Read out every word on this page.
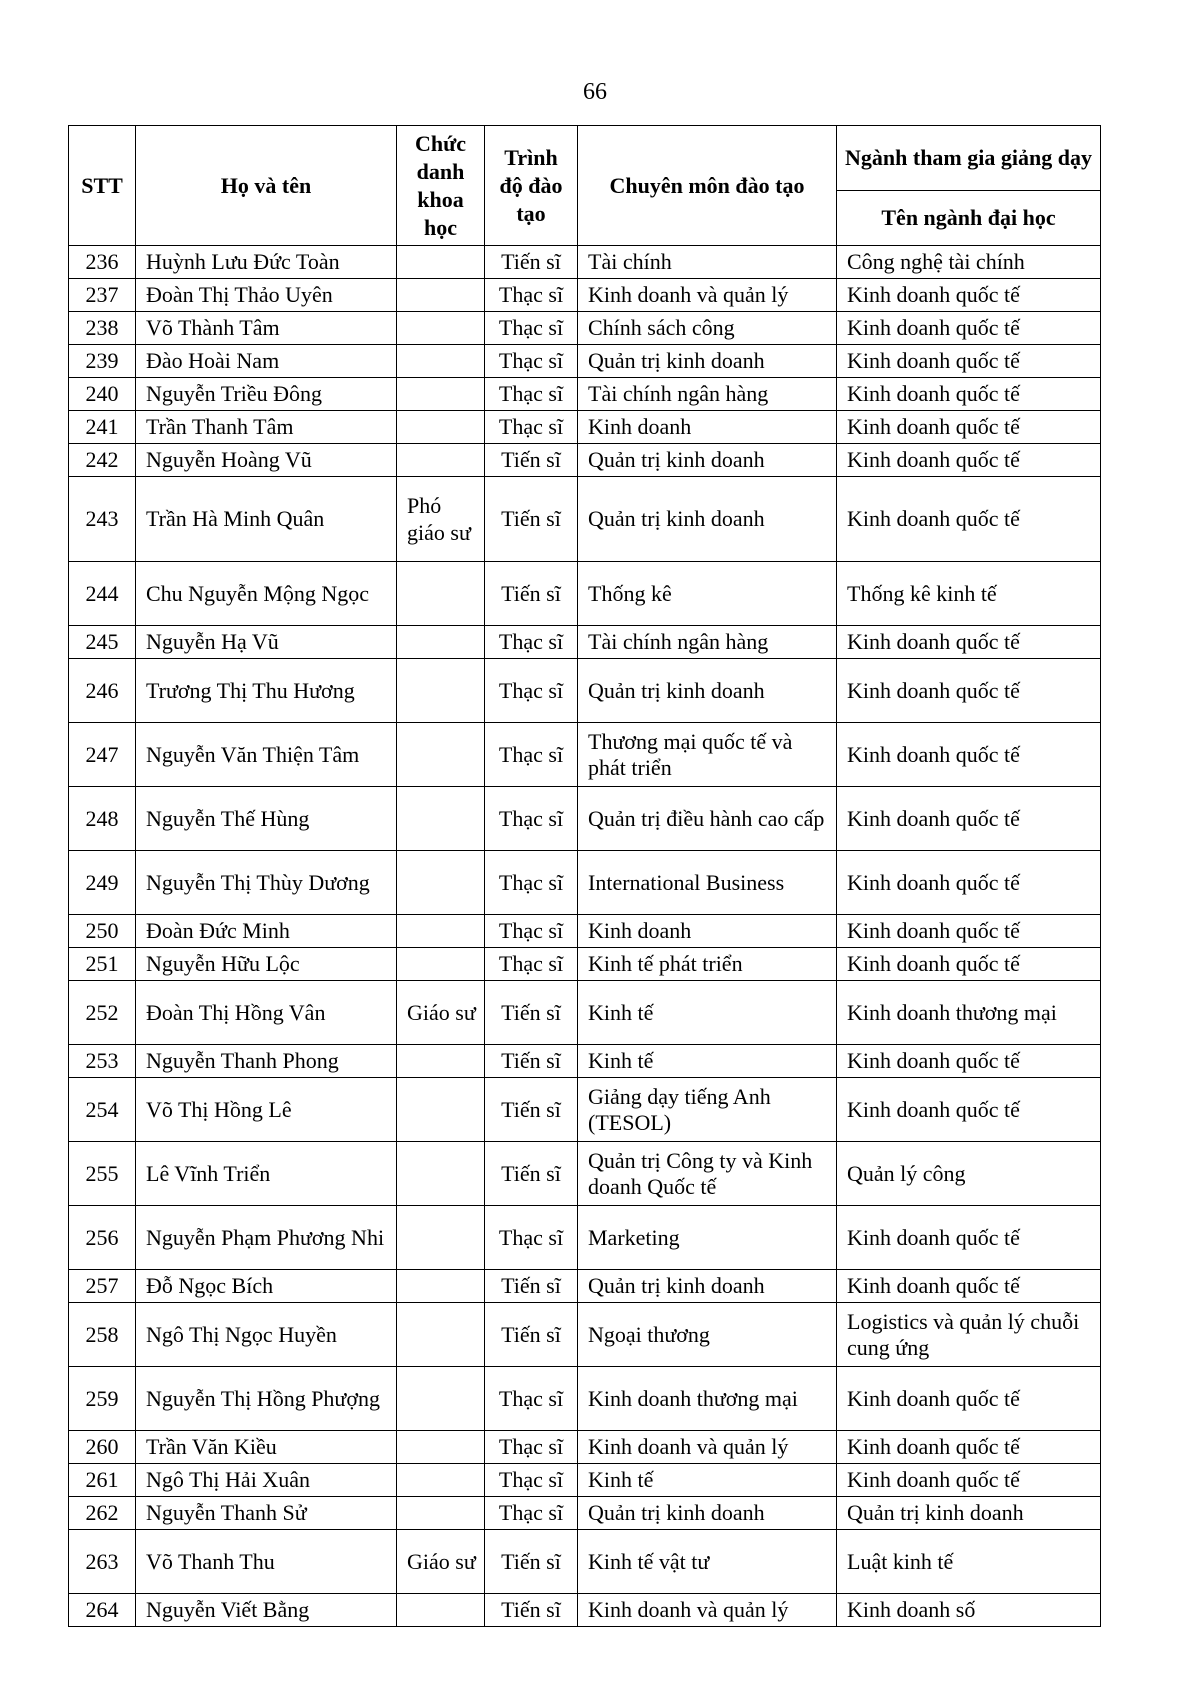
66
STT	Họ và tên	Chức danh khoa học	Trình độ đào tạo	Chuyên môn đào tạo	Ngành tham gia giảng dạy
					Tên ngành đại học
236	Huỳnh Lưu Đức Toàn		Tiến sĩ	Tài chính	Công nghệ tài chính
237	Đoàn Thị Thảo Uyên		Thạc sĩ	Kinh doanh và quản lý	Kinh doanh quốc tế
238	Võ Thành Tâm		Thạc sĩ	Chính sách công	Kinh doanh quốc tế
239	Đào Hoài Nam		Thạc sĩ	Quản trị kinh doanh	Kinh doanh quốc tế
240	Nguyễn Triều Đông		Thạc sĩ	Tài chính ngân hàng	Kinh doanh quốc tế
241	Trần Thanh Tâm		Thạc sĩ	Kinh doanh	Kinh doanh quốc tế
242	Nguyễn Hoàng Vũ		Tiến sĩ	Quản trị kinh doanh	Kinh doanh quốc tế
243	Trần Hà Minh Quân	Phó giáo sư	Tiến sĩ	Quản trị kinh doanh	Kinh doanh quốc tế
244	Chu Nguyễn Mộng Ngọc		Tiến sĩ	Thống kê	Thống kê kinh tế
245	Nguyễn Hạ Vũ		Thạc sĩ	Tài chính ngân hàng	Kinh doanh quốc tế
246	Trương Thị Thu Hương		Thạc sĩ	Quản trị kinh doanh	Kinh doanh quốc tế
247	Nguyễn Văn Thiện Tâm		Thạc sĩ	Thương mại quốc tế và phát triển	Kinh doanh quốc tế
248	Nguyễn Thế Hùng		Thạc sĩ	Quản trị điều hành cao cấp	Kinh doanh quốc tế
249	Nguyễn Thị Thùy Dương		Thạc sĩ	International Business	Kinh doanh quốc tế
250	Đoàn Đức Minh		Thạc sĩ	Kinh doanh	Kinh doanh quốc tế
251	Nguyễn Hữu Lộc		Thạc sĩ	Kinh tế phát triển	Kinh doanh quốc tế
252	Đoàn Thị Hồng Vân	Giáo sư	Tiến sĩ	Kinh tế	Kinh doanh thương mại
253	Nguyễn Thanh Phong		Tiến sĩ	Kinh tế	Kinh doanh quốc tế
254	Võ Thị Hồng Lê		Tiến sĩ	Giảng dạy tiếng Anh (TESOL)	Kinh doanh quốc tế
255	Lê Vĩnh Triển		Tiến sĩ	Quản trị Công ty và Kinh doanh Quốc tế	Quản lý công
256	Nguyễn Phạm Phương Nhi		Thạc sĩ	Marketing	Kinh doanh quốc tế
257	Đỗ Ngọc Bích		Tiến sĩ	Quản trị kinh doanh	Kinh doanh quốc tế
258	Ngô Thị Ngọc Huyền		Tiến sĩ	Ngoại thương	Logistics và quản lý chuỗi cung ứng
259	Nguyễn Thị Hồng Phượng		Thạc sĩ	Kinh doanh thương mại	Kinh doanh quốc tế
260	Trần Văn Kiều		Thạc sĩ	Kinh doanh và quản lý	Kinh doanh quốc tế
261	Ngô Thị Hải Xuân		Thạc sĩ	Kinh tế	Kinh doanh quốc tế
262	Nguyễn Thanh Sử		Thạc sĩ	Quản trị kinh doanh	Quản trị kinh doanh
263	Võ Thanh Thu	Giáo sư	Tiến sĩ	Kinh tế vật tư	Luật kinh tế
264	Nguyễn Viết Bằng		Tiến sĩ	Kinh doanh và quản lý	Kinh doanh số
